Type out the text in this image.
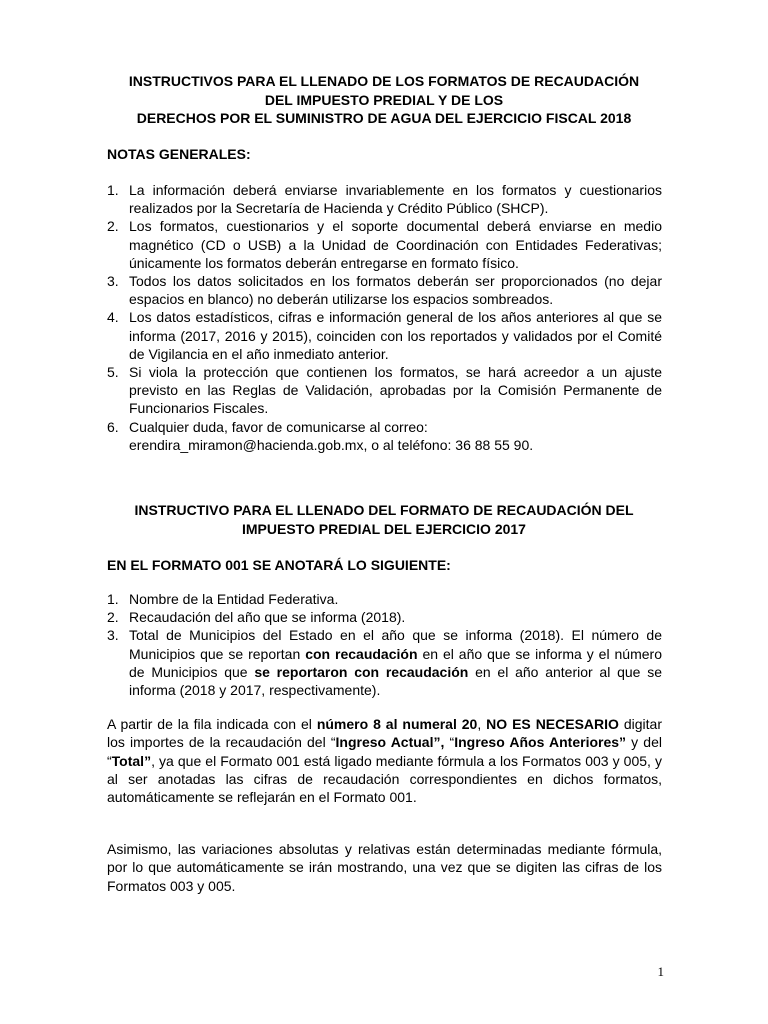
INSTRUCTIVOS PARA EL LLENADO DE LOS FORMATOS DE RECAUDACIÓN
DEL IMPUESTO PREDIAL Y DE LOS
DERECHOS POR EL SUMINISTRO DE AGUA DEL EJERCICIO FISCAL 2018
NOTAS GENERALES:
1. La información deberá enviarse invariablemente en los formatos y cuestionarios realizados por la Secretaría de Hacienda y Crédito Público (SHCP).
2. Los formatos, cuestionarios y el soporte documental deberá enviarse en medio magnético (CD o USB) a la Unidad de Coordinación con Entidades Federativas; únicamente los formatos deberán entregarse en formato físico.
3. Todos los datos solicitados en los formatos deberán ser proporcionados (no dejar espacios en blanco) no deberán utilizarse los espacios sombreados.
4. Los datos estadísticos, cifras e información general de los años anteriores al que se informa (2017, 2016 y 2015), coinciden con los reportados y validados por el Comité de Vigilancia en el año inmediato anterior.
5. Si viola la protección que contienen los formatos, se hará acreedor a un ajuste previsto en las Reglas de Validación, aprobadas por la Comisión Permanente de Funcionarios Fiscales.
6. Cualquier duda, favor de comunicarse al correo:
erendira_miramon@hacienda.gob.mx, o al teléfono: 36 88 55 90.
INSTRUCTIVO PARA EL LLENADO DEL FORMATO DE RECAUDACIÓN DEL
IMPUESTO PREDIAL DEL EJERCICIO 2017
EN EL FORMATO 001 SE ANOTARÁ LO SIGUIENTE:
1. Nombre de la Entidad Federativa.
2. Recaudación del año que se informa (2018).
3. Total de Municipios del Estado en el año que se informa (2018). El número de Municipios que se reportan con recaudación en el año que se informa y el número de Municipios que se reportaron con recaudación en el año anterior al que se informa (2018 y 2017, respectivamente).

A partir de la fila indicada con el número 8 al numeral 20, NO ES NECESARIO digitar los importes de la recaudación del “Ingreso Actual”, “Ingreso Años Anteriores” y del “Total”, ya que el Formato 001 está ligado mediante fórmula a los Formatos 003 y 005, y al ser anotadas las cifras de recaudación correspondientes en dichos formatos, automáticamente se reflejarán en el Formato 001.

Asimismo, las variaciones absolutas y relativas están determinadas mediante fórmula, por lo que automáticamente se irán mostrando, una vez que se digiten las cifras de los Formatos 003 y 005.

1
